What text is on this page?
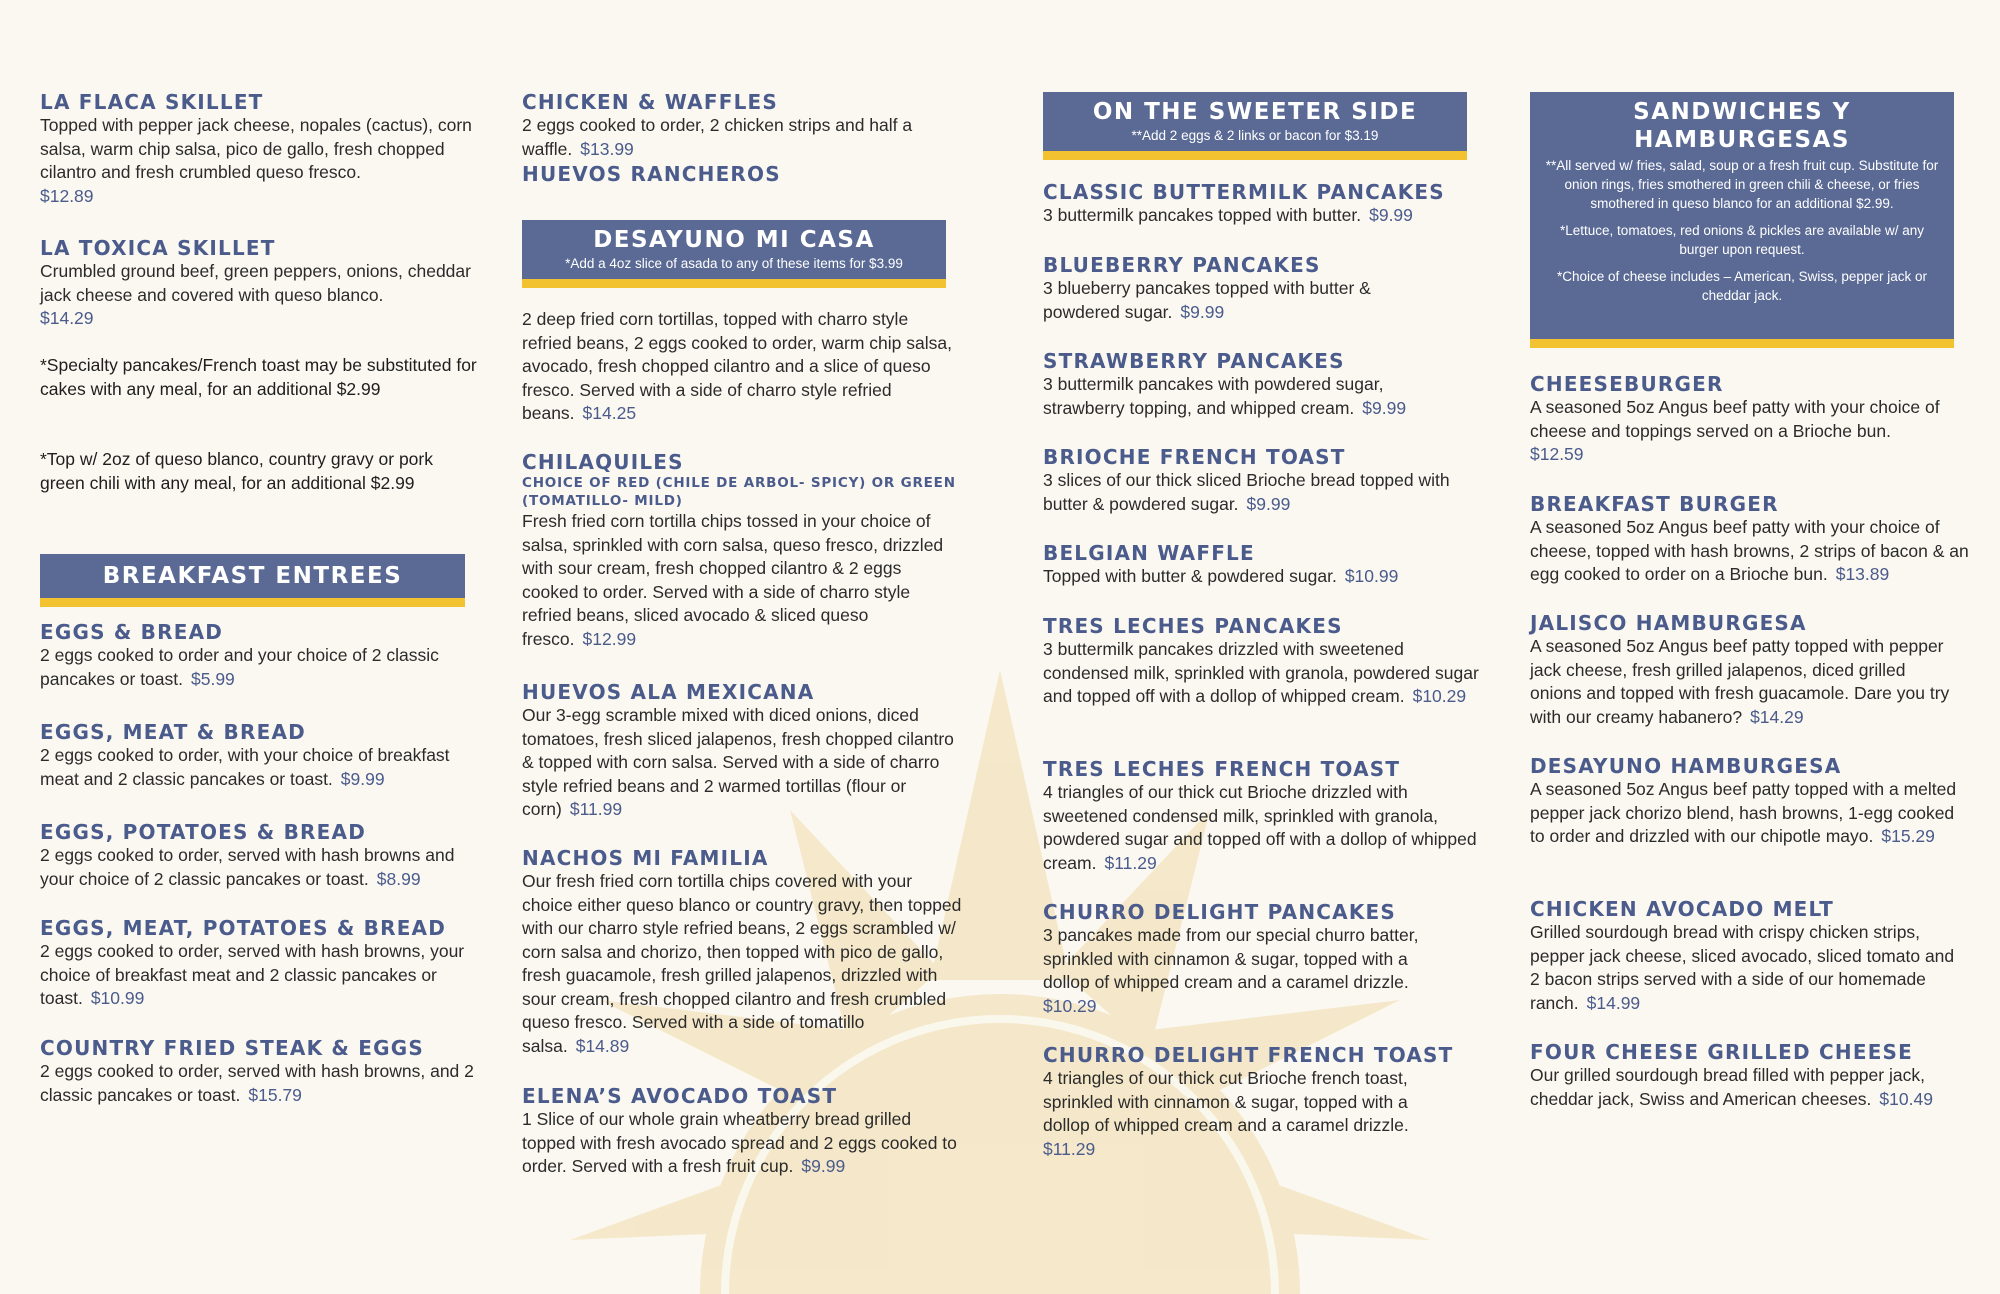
LA FLACA SKILLET
Topped with pepper jack cheese, nopales (cactus), corn salsa, warm chip salsa, pico de gallo, fresh chopped cilantro and fresh crumbled queso fresco.
$12.89
LA TOXICA SKILLET
Crumbled ground beef, green peppers, onions, cheddar jack cheese and covered with queso blanco.
$14.29
*Specialty pancakes/French toast may be substituted for cakes with any meal, for an additional $2.99
*Top w/ 2oz of queso blanco, country gravy or pork green chili with any meal, for an additional $2.99
BREAKFAST ENTREES
EGGS & BREAD
2 eggs cooked to order and your choice of 2 classic pancakes or toast. $5.99
EGGS, MEAT & BREAD
2 eggs cooked to order, with your choice of breakfast meat and 2 classic pancakes or toast. $9.99
EGGS, POTATOES & BREAD
2 eggs cooked to order, served with hash browns and your choice of 2 classic pancakes or toast. $8.99
EGGS, MEAT, POTATOES & BREAD
2 eggs cooked to order, served with hash browns, your choice of breakfast meat and 2 classic pancakes or toast. $10.99
COUNTRY FRIED STEAK & EGGS
2 eggs cooked to order, served with hash browns, and 2 classic pancakes or toast. $15.79
CHICKEN & WAFFLES
2 eggs cooked to order, 2 chicken strips and half a waffle. $13.99
HUEVOS RANCHEROS
DESAYUNO MI CASA
*Add a 4oz slice of asada to any of these items for $3.99
2 deep fried corn tortillas, topped with charro style refried beans, 2 eggs cooked to order, warm chip salsa, avocado, fresh chopped cilantro and a slice of queso fresco. Served with a side of charro style refried beans. $14.25
CHILAQUILES
CHOICE OF RED (CHILE DE ARBOL- SPICY) OR GREEN (TOMATILLO- MILD)
Fresh fried corn tortilla chips tossed in your choice of salsa, sprinkled with corn salsa, queso fresco, drizzled with sour cream, fresh chopped cilantro & 2 eggs cooked to order. Served with a side of charro style refried beans, sliced avocado & sliced queso fresco. $12.99
HUEVOS ALA MEXICANA
Our 3-egg scramble mixed with diced onions, diced tomatoes, fresh sliced jalapenos, fresh chopped cilantro & topped with corn salsa. Served with a side of charro style refried beans and 2 warmed tortillas (flour or corn) $11.99
NACHOS MI FAMILIA
Our fresh fried corn tortilla chips covered with your choice either queso blanco or country gravy, then topped with our charro style refried beans, 2 eggs scrambled w/ corn salsa and chorizo, then topped with pico de gallo, fresh guacamole, fresh grilled jalapenos, drizzled with sour cream, fresh chopped cilantro and fresh crumbled queso fresco. Served with a side of tomatillo salsa. $14.89
ELENA’S AVOCADO TOAST
1 Slice of our whole grain wheatberry bread grilled topped with fresh avocado spread and 2 eggs cooked to order. Served with a fresh fruit cup. $9.99
ON THE SWEETER SIDE
**Add 2 eggs & 2 links or bacon for $3.19
CLASSIC BUTTERMILK PANCAKES
3 buttermilk pancakes topped with butter. $9.99
BLUEBERRY PANCAKES
3 blueberry pancakes topped with butter & powdered sugar. $9.99
STRAWBERRY PANCAKES
3 buttermilk pancakes with powdered sugar, strawberry topping, and whipped cream. $9.99
BRIOCHE FRENCH TOAST
3 slices of our thick sliced Brioche bread topped with butter & powdered sugar. $9.99
BELGIAN WAFFLE
Topped with butter & powdered sugar. $10.99
TRES LECHES PANCAKES
3 buttermilk pancakes drizzled with sweetened condensed milk, sprinkled with granola, powdered sugar and topped off with a dollop of whipped cream. $10.29
TRES LECHES FRENCH TOAST
4 triangles of our thick cut Brioche drizzled with sweetened condensed milk, sprinkled with granola, powdered sugar and topped off with a dollop of whipped cream. $11.29
CHURRO DELIGHT PANCAKES
3 pancakes made from our special churro batter, sprinkled with cinnamon & sugar, topped with a dollop of whipped cream and a caramel drizzle.
$10.29
CHURRO DELIGHT FRENCH TOAST
4 triangles of our thick cut Brioche french toast, sprinkled with cinnamon & sugar, topped with a dollop of whipped cream and a caramel drizzle.
$11.29
SANDWICHES Y
HAMBURGESAS
**All served w/ fries, salad, soup or a fresh fruit cup. Substitute for onion rings, fries smothered in green chili & cheese, or fries smothered in queso blanco for an additional $2.99.
*Lettuce, tomatoes, red onions & pickles are available w/ any burger upon request.
*Choice of cheese includes – American, Swiss, pepper jack or cheddar jack.
CHEESEBURGER
A seasoned 5oz Angus beef patty with your choice of cheese and toppings served on a Brioche bun.
$12.59
BREAKFAST BURGER
A seasoned 5oz Angus beef patty with your choice of cheese, topped with hash browns, 2 strips of bacon & an egg cooked to order on a Brioche bun. $13.89
JALISCO HAMBURGESA
A seasoned 5oz Angus beef patty topped with pepper jack cheese, fresh grilled jalapenos, diced grilled onions and topped with fresh guacamole. Dare you try with our creamy habanero? $14.29
DESAYUNO HAMBURGESA
A seasoned 5oz Angus beef patty topped with a melted pepper jack chorizo blend, hash browns, 1-egg cooked to order and drizzled with our chipotle mayo. $15.29
CHICKEN AVOCADO MELT
Grilled sourdough bread with crispy chicken strips, pepper jack cheese, sliced avocado, sliced tomato and 2 bacon strips served with a side of our homemade ranch. $14.99
FOUR CHEESE GRILLED CHEESE
Our grilled sourdough bread filled with pepper jack, cheddar jack, Swiss and American cheeses. $10.49
